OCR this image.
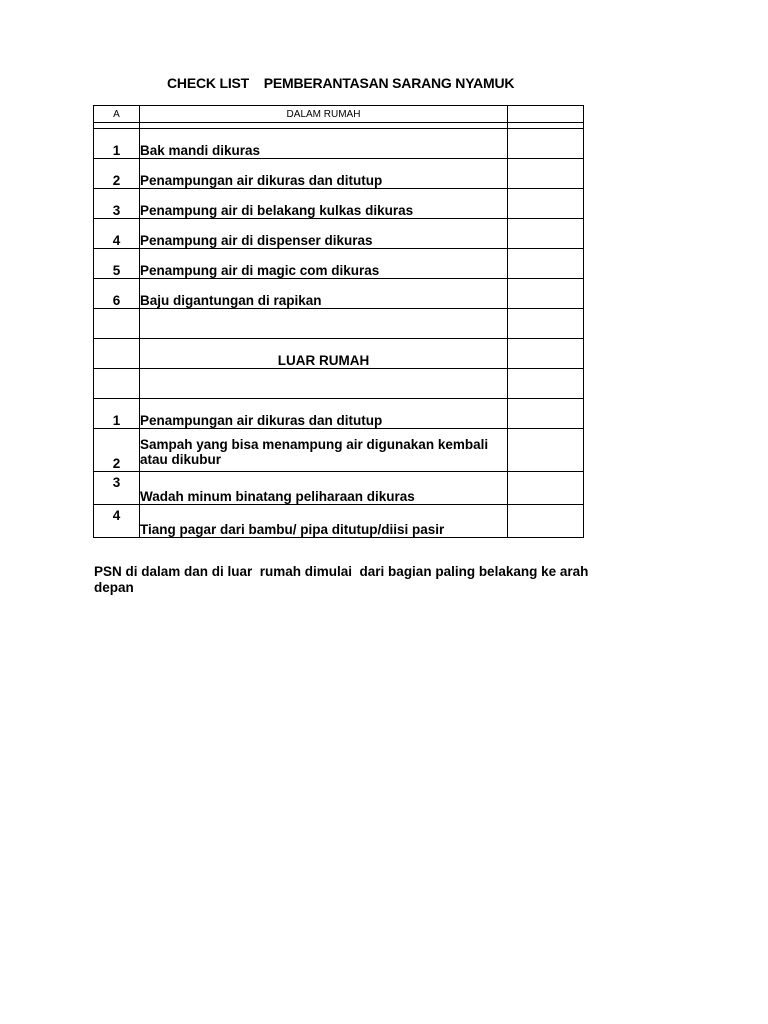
CHECK LIST    PEMBERANTASAN SARANG NYAMUK
A	DALAM RUMAH	

1	Bak mandi dikuras	
2	Penampungan air dikuras dan ditutup	
3	Penampung air di belakang kulkas dikuras	
4	Penampung air di dispenser dikuras	
5	Penampung air di magic com dikuras	
6	Baju digantungan di rapikan	

	LUAR RUMAH	

1	Penampungan air dikuras dan ditutup	
2	Sampah yang bisa menampung air digunakan kembali atau dikubur	
3	Wadah minum binatang peliharaan dikuras	
4	Tiang pagar dari bambu/ pipa ditutup/diisi pasir	
PSN di dalam dan di luar  rumah dimulai  dari bagian paling belakang ke arah depan
